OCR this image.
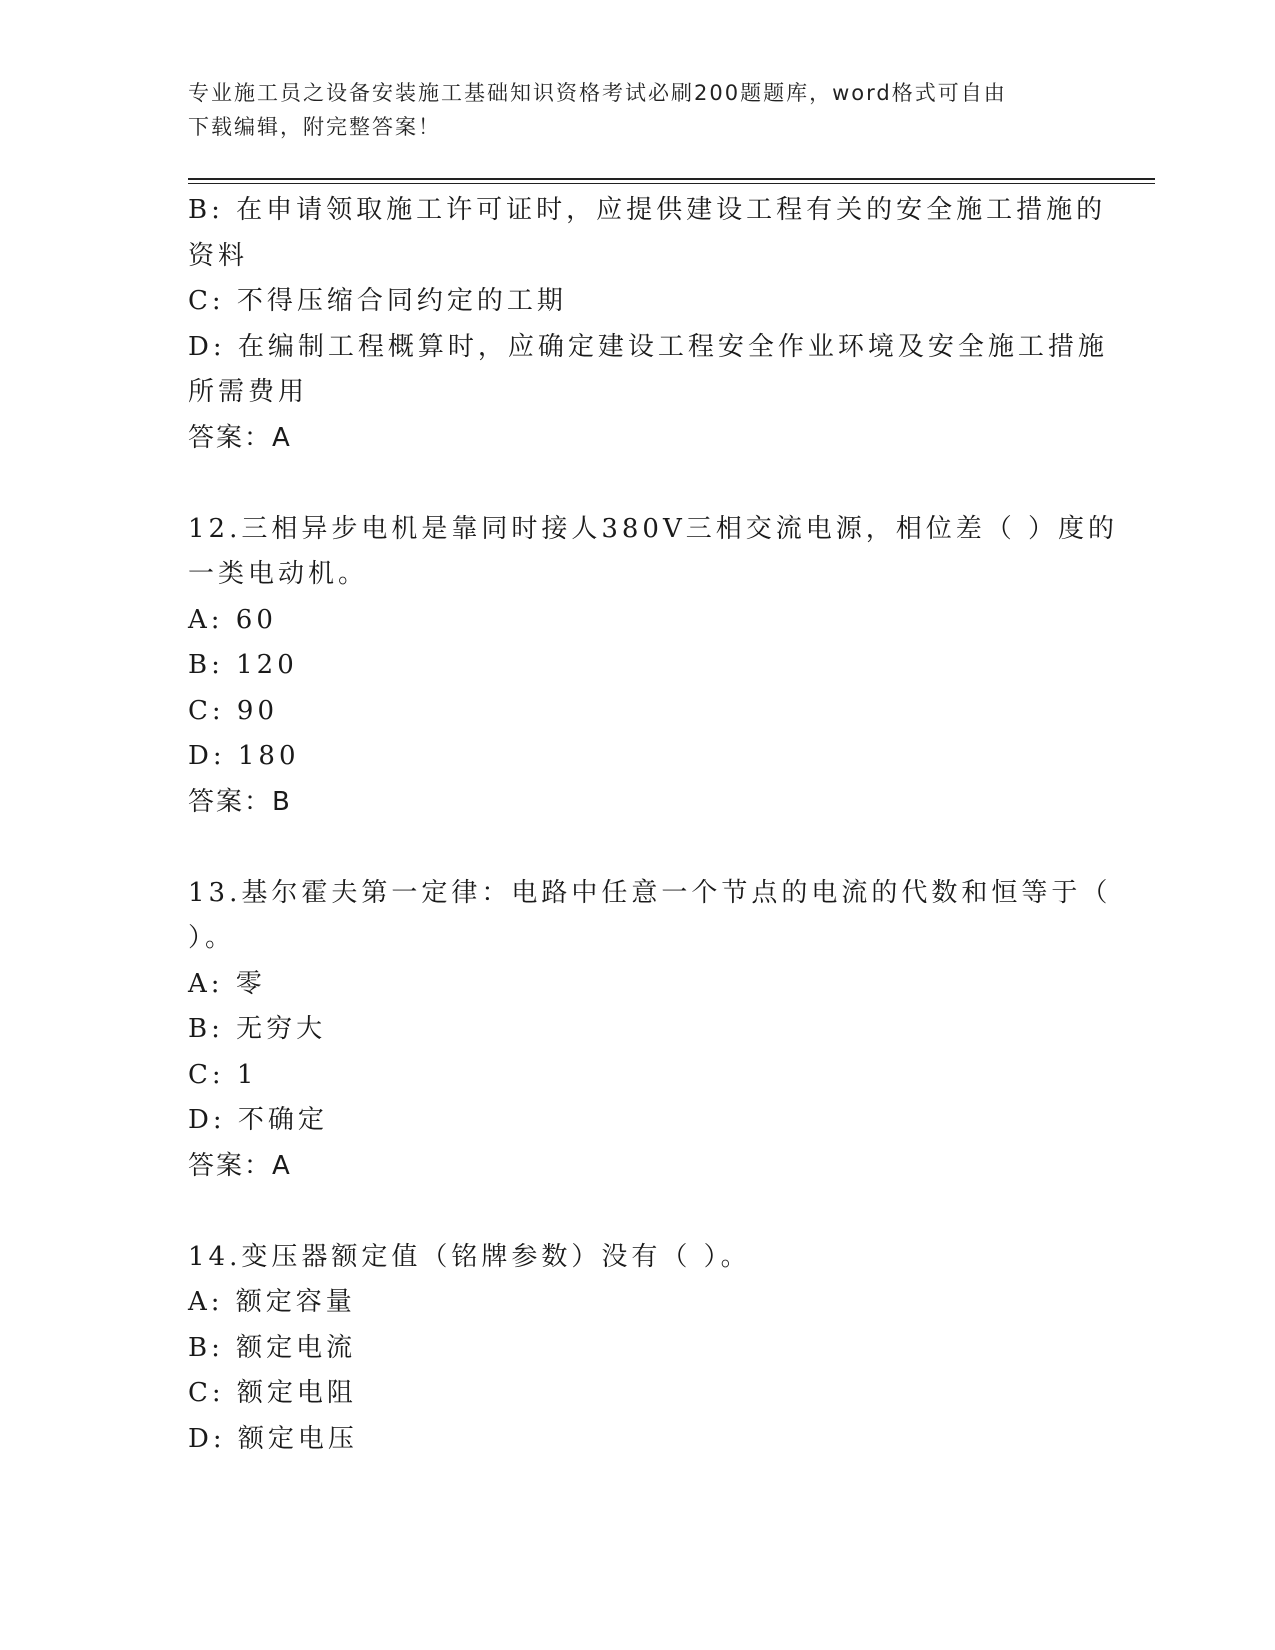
专业施工员之设备安装施工基础知识资格考试必刷200题题库，word格式可自由
下载编辑，附完整答案！

B: 在申请领取施工许可证时，应提供建设工程有关的安全施工措施的

资料

C: 不得压缩合同约定的工期

D: 在编制工程概算时，应确定建设工程安全作业环境及安全施工措施

所需费用

答案：A

12.三相异步电机是靠同时接人380V三相交流电源，相位差（ ）度的

一类电动机。

A: 60

B: 120

C: 90

D: 180

答案：B

13.基尔霍夫第一定律：电路中任意一个节点的电流的代数和恒等于（

）。

A: 零

B: 无穷大

C: 1

D: 不确定

答案：A

14.变压器额定值（铭牌参数）没有（ ）。

A: 额定容量

B: 额定电流

C: 额定电阻

D: 额定电压
